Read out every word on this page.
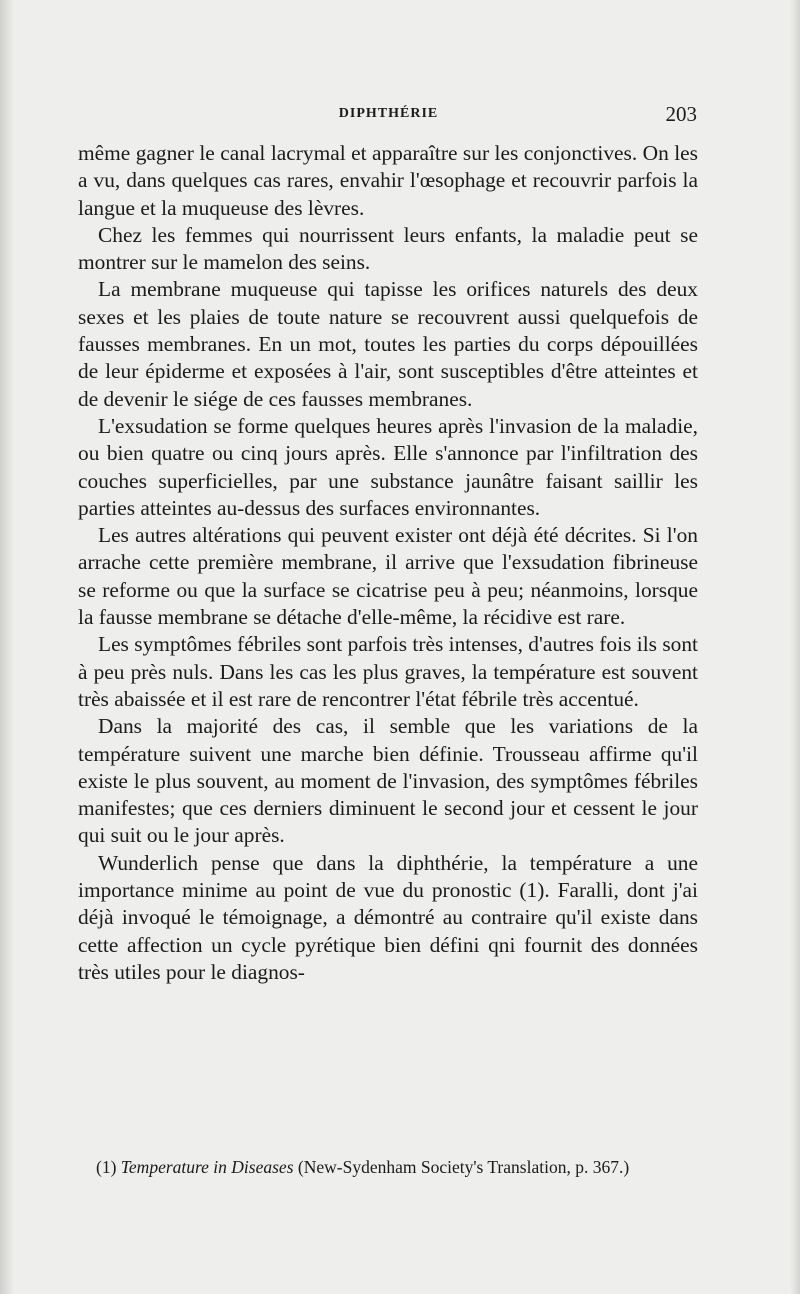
DIPHTHÉRIE	203

même gagner le canal lacrymal et apparaître sur les conjonctives. On les a vu, dans quelques cas rares, envahir l'œsophage et recouvrir parfois la langue et la muqueuse des lèvres.

Chez les femmes qui nourrissent leurs enfants, la maladie peut se montrer sur le mamelon des seins.

La membrane muqueuse qui tapisse les orifices naturels des deux sexes et les plaies de toute nature se recouvrent aussi quelquefois de fausses membranes. En un mot, toutes les parties du corps dépouillées de leur épiderme et exposées à l'air, sont susceptibles d'être atteintes et de devenir le siége de ces fausses membranes.

L'exsudation se forme quelques heures après l'invasion de la maladie, ou bien quatre ou cinq jours après. Elle s'annonce par l'infiltration des couches superficielles, par une substance jaunâtre faisant saillir les parties atteintes au-dessus des surfaces environnantes.

Les autres altérations qui peuvent exister ont déjà été décrites. Si l'on arrache cette première membrane, il arrive que l'exsudation fibrineuse se reforme ou que la surface se cicatrise peu à peu; néanmoins, lorsque la fausse membrane se détache d'elle-même, la récidive est rare.

Les symptômes fébriles sont parfois très intenses, d'autres fois ils sont à peu près nuls. Dans les cas les plus graves, la température est souvent très abaissée et il est rare de rencontrer l'état fébrile très accentué.

Dans la majorité des cas, il semble que les variations de la température suivent une marche bien définie. Trousseau affirme qu'il existe le plus souvent, au moment de l'invasion, des symptômes fébriles manifestes; que ces derniers diminuent le second jour et cessent le jour qui suit ou le jour après.

Wunderlich pense que dans la diphthérie, la température a une importance minime au point de vue du pronostic (1). Faralli, dont j'ai déjà invoqué le témoignage, a démontré au contraire qu'il existe dans cette affection un cycle pyrétique bien défini qni fournit des données très utiles pour le diagnos-

(1) Temperature in Diseases (New-Sydenham Society's Translation, p. 367.)
